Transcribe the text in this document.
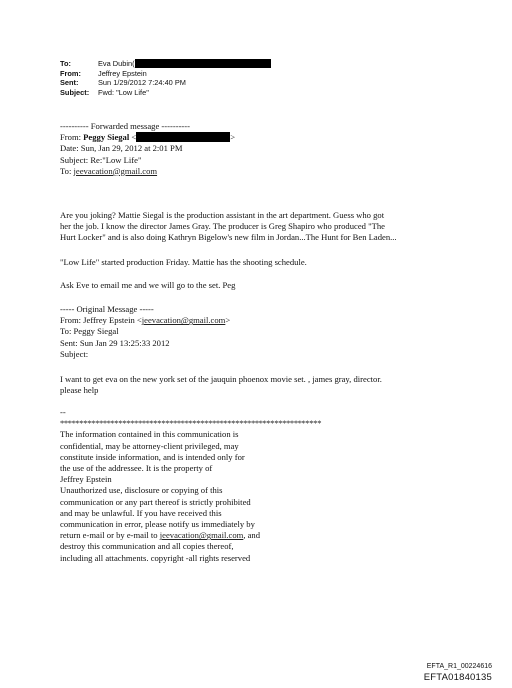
To:	Eva Dubin(
From:	Jeffrey Epstein
Sent:	Sun 1/29/2012 7:24:40 PM
Subject:	Fwd: "Low Life"
---------- Forwarded message ----------
From: Peggy Siegal <	>
Date: Sun, Jan 29, 2012 at 2:01 PM
Subject: Re:"Low Life"
To: jeevacation@gmail.com
Are you joking? Mattie Siegal is the production assistant in the art department. Guess who got
her the job. I know the director James Gray. The producer is Greg Shapiro who produced "The
Hurt Locker" and is also doing Kathryn Bigelow's new film in Jordan...The Hunt for Ben Laden...
"Low Life" started production Friday. Mattie has the shooting schedule.
Ask Eve to email me and we will go to the set. Peg
----- Original Message -----
From: Jeffrey Epstein <jeevacation@gmail.com>
To: Peggy Siegal
Sent: Sun Jan 29 13:25:33 2012
Subject:
I want to get eva on the new york set of the jauquin phoenox movie set. , james gray, director.
please help
--
*******************************************************************
The information contained in this communication is
confidential, may be attorney-client privileged, may
constitute inside information, and is intended only for
the use of the addressee. It is the property of
Jeffrey Epstein
Unauthorized use, disclosure or copying of this
communication or any part thereof is strictly prohibited
and may be unlawful. If you have received this
communication in error, please notify us immediately by
return e-mail or by e-mail to jeevacation@gmail.com, and
destroy this communication and all copies thereof,
including all attachments. copyright -all rights reserved
EFTA_R1_00224616
EFTA01840135
